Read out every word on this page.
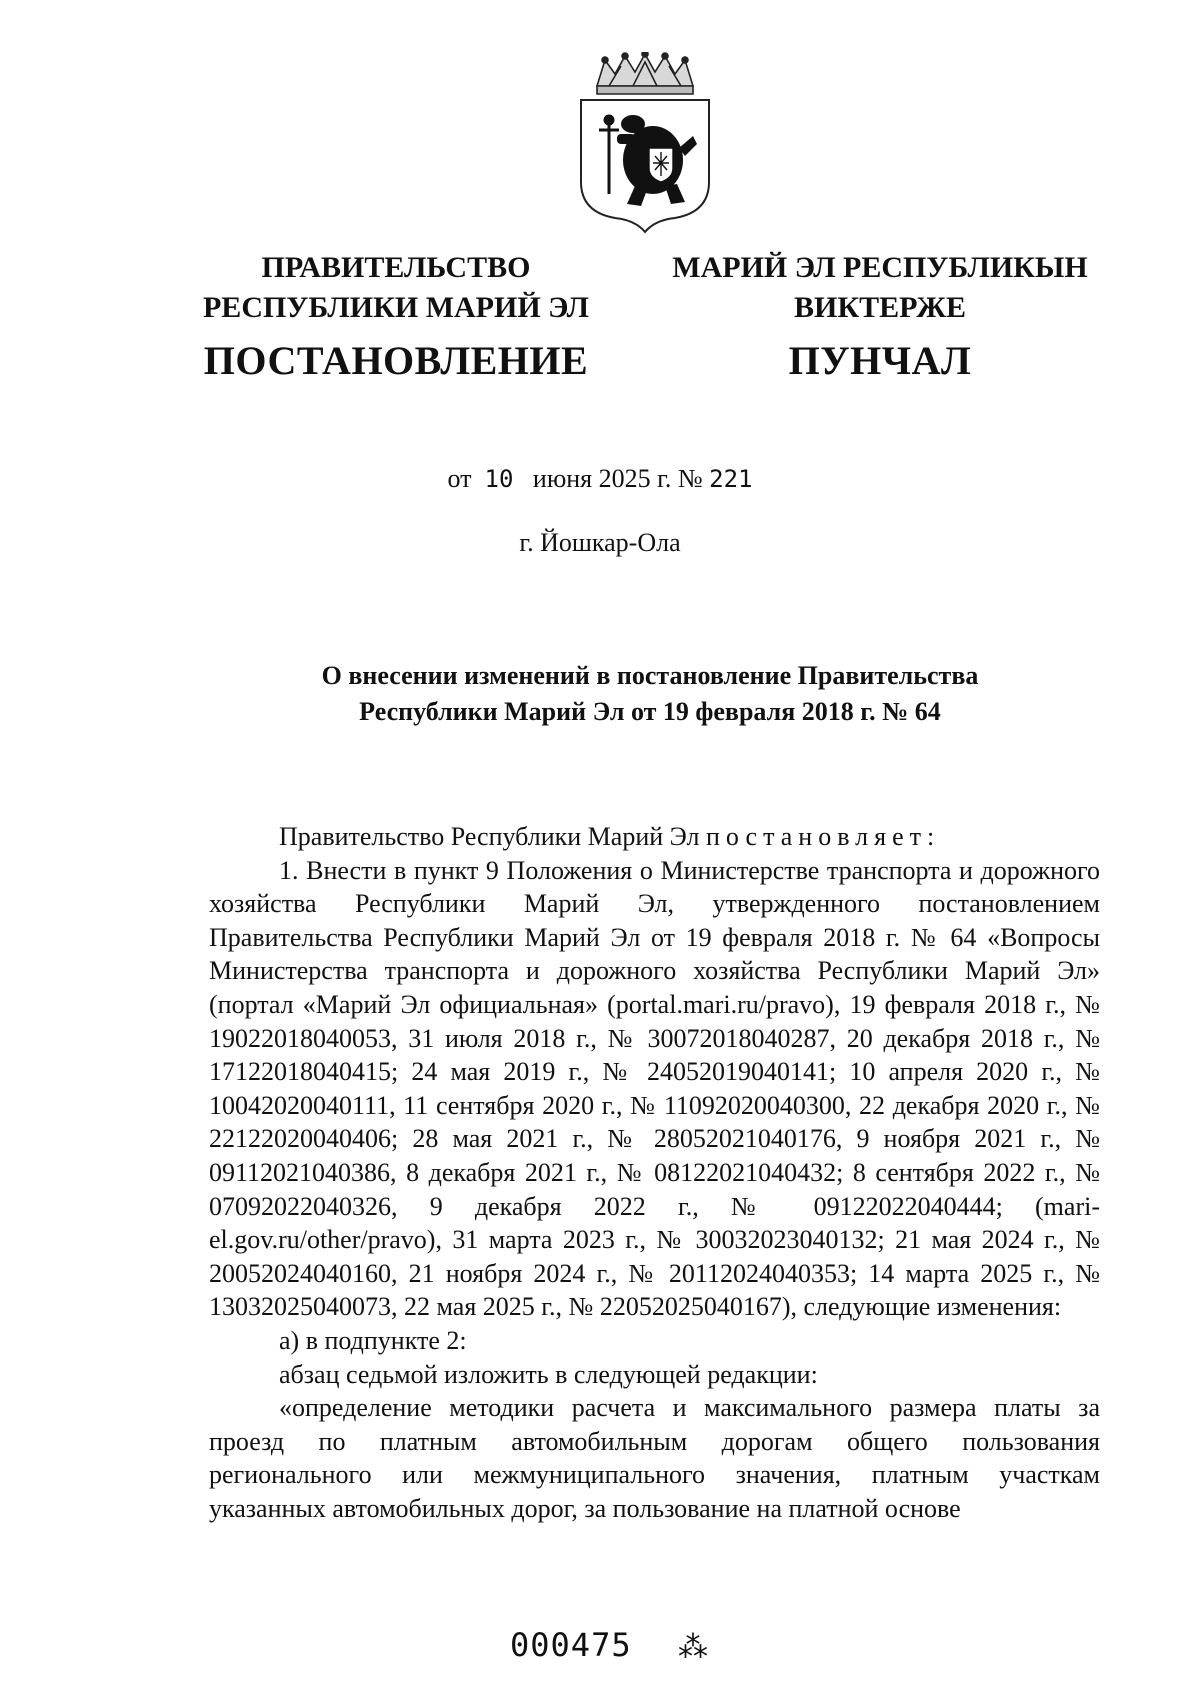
ПРАВИТЕЛЬСТВО
РЕСПУБЛИКИ МАРИЙ ЭЛ
ПОСТАНОВЛЕНИЕ
МАРИЙ ЭЛ РЕСПУБЛИКЫН
ВИКТЕРЖЕ
ПУНЧАЛ
от 10 июня 2025 г. № 221
г. Йошкар-Ола
О внесении изменений в постановление Правительства
Республики Марий Эл от 19 февраля 2018 г. № 64

Правительство Республики Марий Эл постановляет:

1. Внести в пункт 9 Положения о Министерстве транспорта и дорожного хозяйства Республики Марий Эл, утвержденного постановлением Правительства Республики Марий Эл от 19 февраля 2018 г. № 64 «Вопросы Министерства транспорта и дорожного хозяйства Республики Марий Эл» (портал «Марий Эл официальная» (portal.mari.ru/pravo), 19 февраля 2018 г., № 19022018040053, 31 июля 2018 г., № 30072018040287, 20 декабря 2018 г., № 17122018040415; 24 мая 2019 г., № 24052019040141; 10 апреля 2020 г., № 10042020040111, 11 сентября 2020 г., № 11092020040300, 22 декабря 2020 г., № 22122020040406; 28 мая 2021 г., № 28052021040176, 9 ноября 2021 г., № 09112021040386, 8 декабря 2021 г., № 08122021040432; 8 сентября 2022 г., № 07092022040326, 9 декабря 2022 г., № 09122022040444; (mari-el.gov.ru/other/pravo), 31 марта 2023 г., № 30032023040132; 21 мая 2024 г., № 20052024040160, 21 ноября 2024 г., № 20112024040353; 14 марта 2025 г., № 13032025040073, 22 мая 2025 г., № 22052025040167), следующие изменения:

а) в подпункте 2:

абзац седьмой изложить в следующей редакции:

«определение методики расчета и максимального размера платы за проезд по платным автомобильным дорогам общего пользования регионального или межмуниципального значения, платным участкам указанных автомобильных дорог, за пользование на платной основе

000475 ⁂
